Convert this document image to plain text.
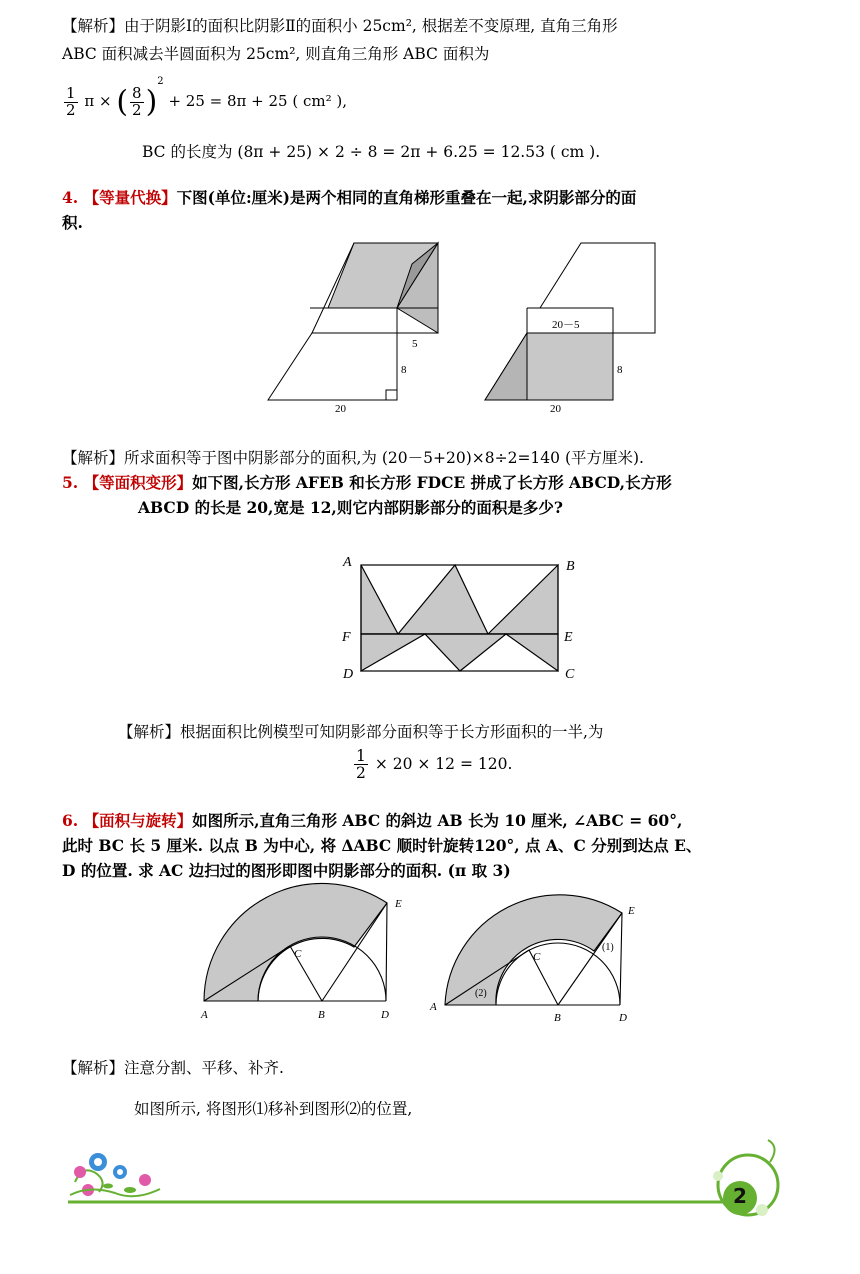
【解析】由于阴影Ⅰ的面积比阴影Ⅱ的面积小 25cm², 根据差不变原理, 直角三角形
ABC 面积减去半圆面积为 25cm², 则直角三角形 ABC 面积为
$\frac{1}{2}$ π × ( $\frac{8}{2} )^2 + 25 = 8\pi + 25$ ( cm² ),
BC 的长度为 (8π + 25) × 2 ÷ 8 = 2π + 6.25 = 12.53 ( cm ).
4. 【等量代换】下图(单位:厘米)是两个相同的直角梯形重叠在一起,求阴影部分的面
积.
5
8
20
20－5
8
20
【解析】所求面积等于图中阴影部分的面积,为 (20－5+20)×8÷2=140 (平方厘米).
5. 【等面积变形】如下图,长方形 AFEB 和长方形 FDCE 拼成了长方形 ABCD,长方形
ABCD 的长是 20,宽是 12,则它内部阴影部分的面积是多少?
A	B
F	E
D	C
【解析】根据面积比例模型可知阴影部分面积等于长方形面积的一半,为
$\frac{1}{2} \times 20 \times 12 = 120$.
6. 【面积与旋转】如图所示,直角三角形 ABC 的斜边 AB 长为 10 厘米, ∠ABC = 60°,
此时 BC 长 5 厘米. 以点 B 为中心, 将 ΔABC 顺时针旋转120°, 点 A、C 分别到达点 E、
D 的位置. 求 AC 边扫过的图形即图中阴影部分的面积. (π 取 3)
A	B	D
C
E
A
B	D
C
E
(1)
(2)
【解析】注意分割、平移、补齐.
如图所示, 将图形⑴移补到图形⑵的位置,
2
